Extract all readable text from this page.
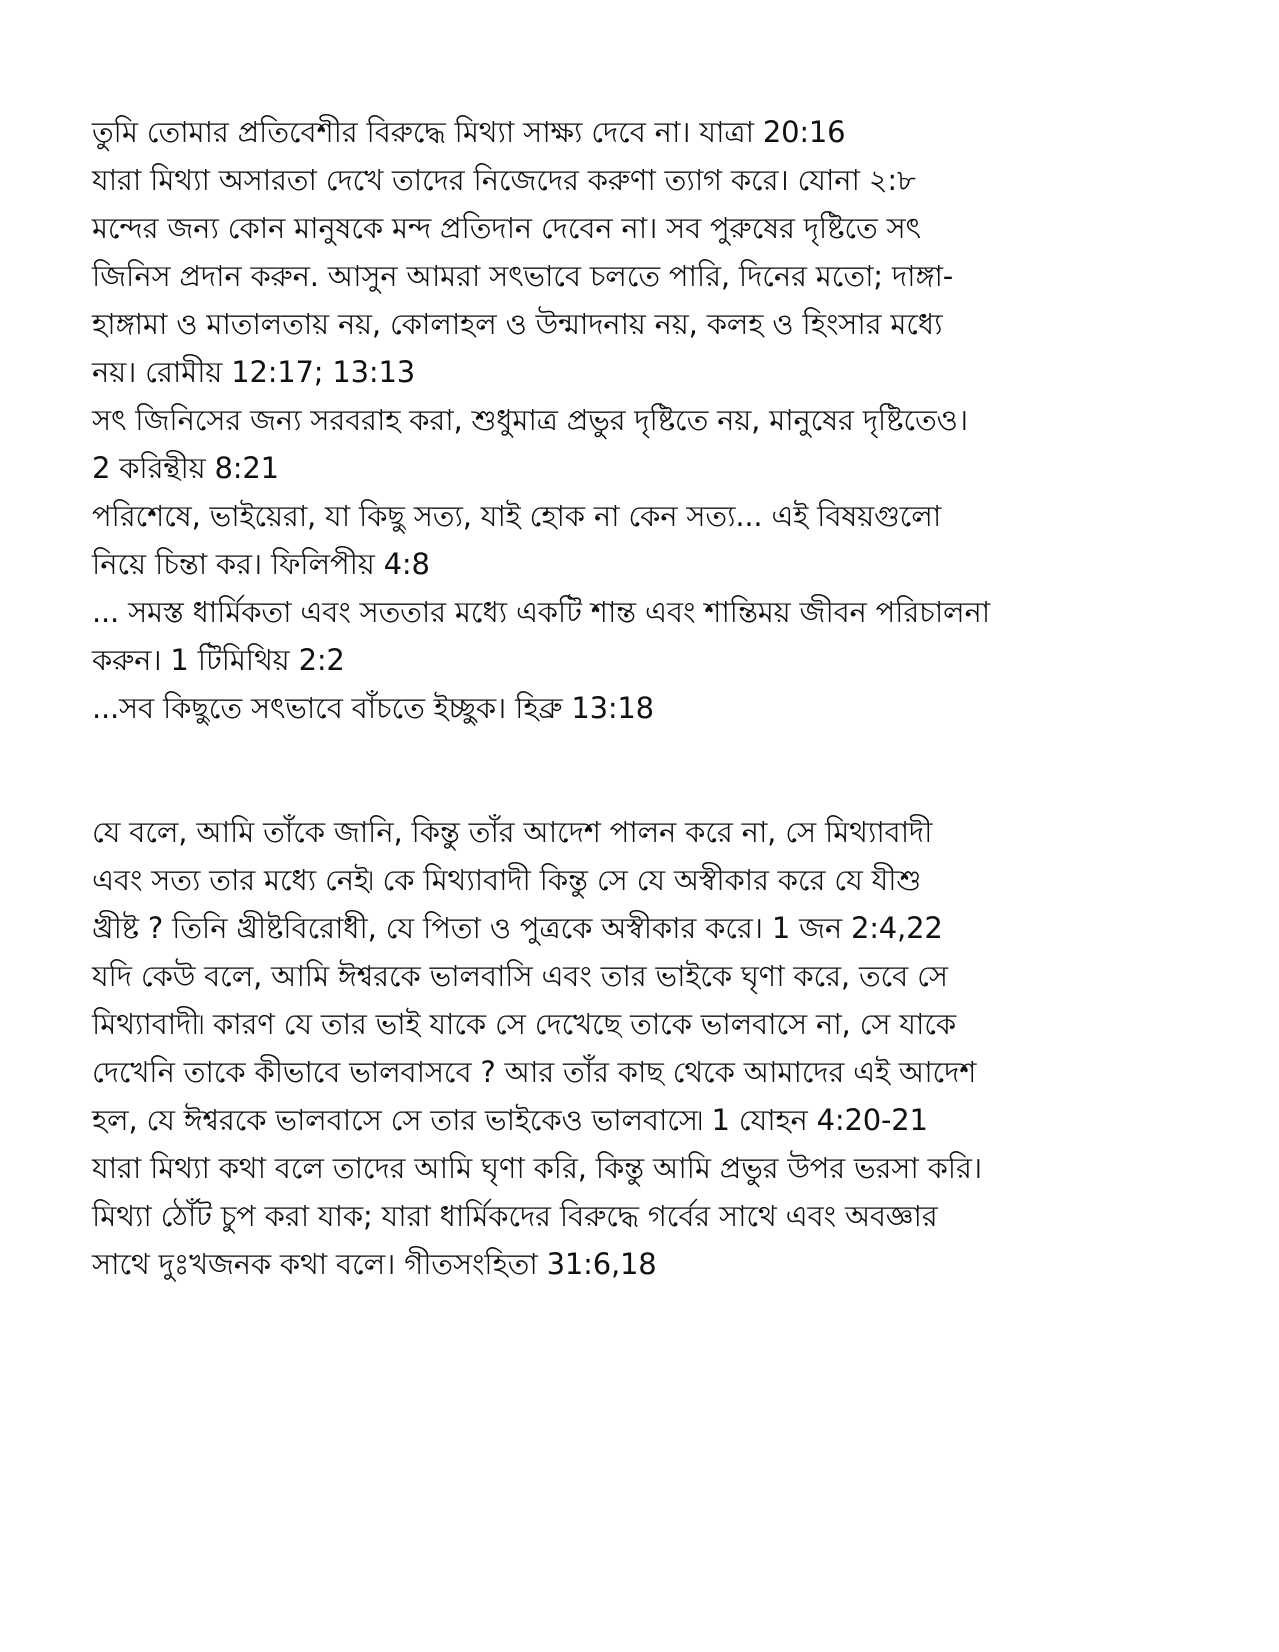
তুমি তোমার প্রতিবেশীর বিরুদ্ধে মিথ্যা সাক্ষ্য দেবে না। যাত্রা 20:16
যারা মিথ্যা অসারতা দেখে তাদের নিজেদের করুণা ত্যাগ করে। যোনা ২:৮
মন্দের জন্য কোন মানুষকে মন্দ প্রতিদান দেবেন না। সব পুরুষের দৃষ্টিতে সৎ
জিনিস প্রদান করুন. আসুন আমরা সৎভাবে চলতে পারি, দিনের মতো; দাঙ্গা-
হাঙ্গামা ও মাতালতায় নয়, কোলাহল ও উন্মাদনায় নয়, কলহ ও হিংসার মধ্যে
নয়। রোমীয় 12:17; 13:13
সৎ জিনিসের জন্য সরবরাহ করা, শুধুমাত্র প্রভুর দৃষ্টিতে নয়, মানুষের দৃষ্টিতেও।
2 করিন্থীয় 8:21
পরিশেষে, ভাইয়েরা, যা কিছু সত্য, যাই হোক না কেন সত্য... এই বিষয়গুলো
নিয়ে চিন্তা কর। ফিলিপীয় 4:8
... সমস্ত ধার্মিকতা এবং সততার মধ্যে একটি শান্ত এবং শান্তিময় জীবন পরিচালনা
করুন। 1 টিমিথিয় 2:2
...সব কিছুতে সৎভাবে বাঁচতে ইচ্ছুক। হিব্রু 13:18
যে বলে, আমি তাঁকে জানি, কিন্তু তাঁর আদেশ পালন করে না, সে মিথ্যাবাদী
এবং সত্য তার মধ্যে নেই৷ কে মিথ্যাবাদী কিন্তু সে যে অস্বীকার করে যে যীশু
খ্রীষ্ট ? তিনি খ্রীষ্টবিরোধী, যে পিতা ও পুত্রকে অস্বীকার করে। 1 জন 2:4,22
যদি কেউ বলে, আমি ঈশ্বরকে ভালবাসি এবং তার ভাইকে ঘৃণা করে, তবে সে
মিথ্যাবাদী৷ কারণ যে তার ভাই যাকে সে দেখেছে তাকে ভালবাসে না, সে যাকে
দেখেনি তাকে কীভাবে ভালবাসবে ? আর তাঁর কাছ থেকে আমাদের এই আদেশ
হল, যে ঈশ্বরকে ভালবাসে সে তার ভাইকেও ভালবাসে৷ 1 যোহন 4:20-21
যারা মিথ্যা কথা বলে তাদের আমি ঘৃণা করি, কিন্তু আমি প্রভুর উপর ভরসা করি।
মিথ্যা ঠোঁট চুপ করা যাক; যারা ধার্মিকদের বিরুদ্ধে গর্বের সাথে এবং অবজ্ঞার
সাথে দুঃখজনক কথা বলে। গীতসংহিতা 31:6,18
